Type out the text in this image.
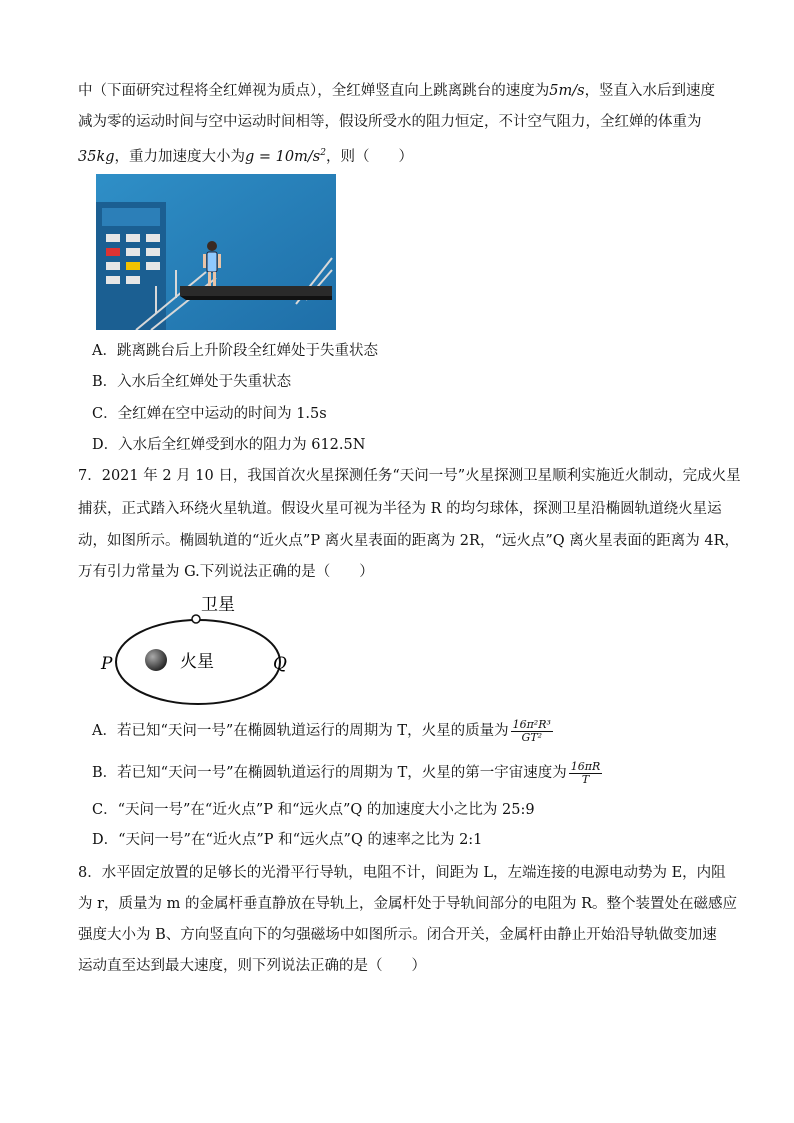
中（下面研究过程将全红婵视为质点），全红婵竖直向上跳离跳台的速度为5m/s，竖直入水后到速度
减为零的运动时间与空中运动时间相等，假设所受水的阻力恒定，不计空气阻力，全红婵的体重为
35kg，重力加速度大小为$g = 10m/s^2$，则（　　）
A．跳离跳台后上升阶段全红婵处于失重状态
B．入水后全红婵处于失重状态
C．全红婵在空中运动的时间为 1.5s
D．入水后全红婵受到水的阻力为 612.5N
7．2021 年 2 月 10 日，我国首次火星探测任务“天问一号”火星探测卫星顺利实施近火制动，完成火星
捕获，正式踏入环绕火星轨道。假设火星可视为半径为 R 的均匀球体，探测卫星沿椭圆轨道绕火星运
动，如图所示。椭圆轨道的“近火点”P 离火星表面的距离为 2R，“远火点”Q 离火星表面的距离为 4R，
万有引力常量为 G.下列说法正确的是（　　）
卫星
火星
P	Q
A．若已知“天问一号”在椭圆轨道运行的周期为 T，火星的质量为 $\frac{\text{16π²R³}}{\text{GT²}}$
B．若已知“天问一号”在椭圆轨道运行的周期为 T，火星的第一宇宙速度为 $\frac{16\pi R}{T}$
C．“天问一号”在“近火点”P 和“远火点”Q 的加速度大小之比为 25:9
D．“天问一号”在“近火点”P 和“远火点”Q 的速率之比为 2:1
8．水平固定放置的足够长的光滑平行导轨，电阻不计，间距为 L，左端连接的电源电动势为 E，内阻
为 r，质量为 m 的金属杆垂直静放在导轨上，金属杆处于导轨间部分的电阻为 R。整个装置处在磁感应
强度大小为 B、方向竖直向下的匀强磁场中如图所示。闭合开关，金属杆由静止开始沿导轨做变加速
运动直至达到最大速度，则下列说法正确的是（　　）
